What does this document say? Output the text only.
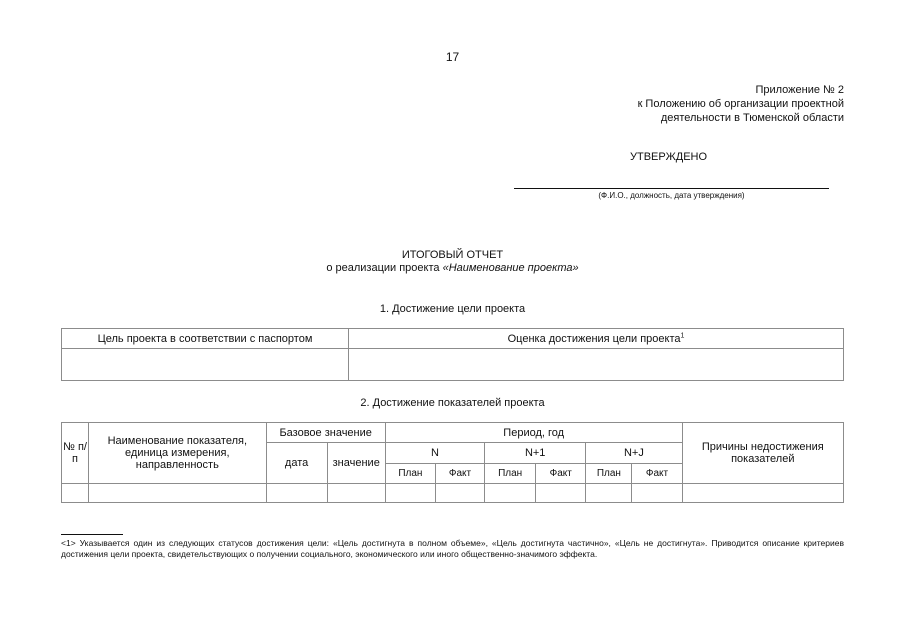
17
Приложение № 2
к Положению об организации проектной
деятельности в Тюменской области
УТВЕРЖДЕНО
(Ф.И.О., должность, дата утверждения)
ИТОГОВЫЙ ОТЧЕТ
о реализации проекта «Наименование проекта»
1. Достижение цели проекта
Цель проекта в соответствии с паспортом	Оценка достижения цели проекта$^1$

2. Достижение показателей проекта
№ п/п	Наименование показателя, единица измерения, направленность	Базовое значение		Период, год						Причины недостижения показателей
		дата	значение	N		N+1		N+J		
				План	Факт	План	Факт	План	Факт	

<1> Указывается один из следующих статусов достижения цели: «Цель достигнута в полном объеме», «Цель достигнута частично», «Цель не достигнута». Приводится описание критериев достижения цели проекта, свидетельствующих о получении социального, экономического или иного общественно-значимого эффекта.
